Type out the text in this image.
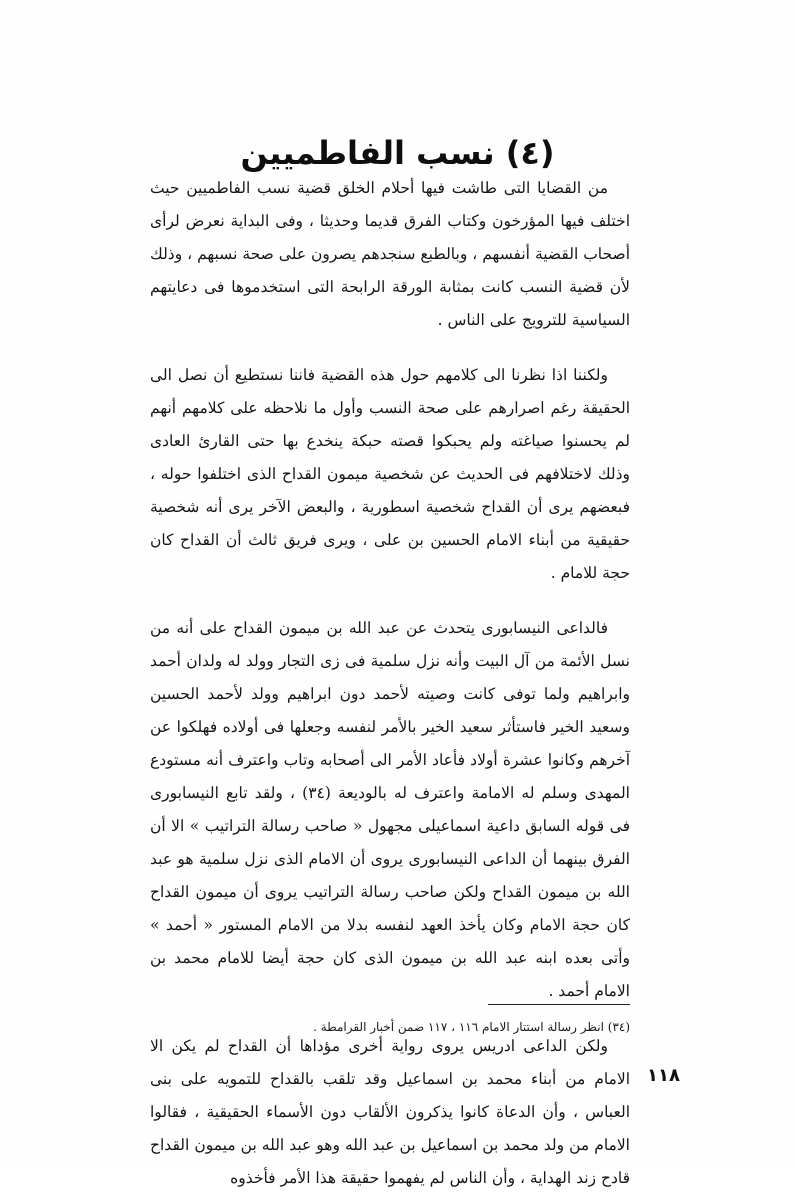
(٤) نسب الفاطميين

من القضايا التى طاشت فيها أحلام الخلق قضية نسب الفاطميين حيث اختلف فيها المؤرخون وكتاب الفرق قديما وحديثا ، وفى البداية نعرض لرأى أصحاب القضية أنفسهم ، وبالطبع سنجدهم يصرون على صحة نسبهم ، وذلك لأن قضية النسب كانت بمثابة الورقة الرابحة التى استخدموها فى دعايتهم السياسية للترويج على الناس .

ولكننا اذا نظرنا الى كلامهم حول هذه القضية فاننا نستطيع أن نصل الى الحقيقة رغم اصرارهم على صحة النسب وأول ما نلاحظه على كلامهم أنهم لم يحسنوا صياغته ولم يحبكوا قصته حبكة ينخدع بها حتى القارئ العادى وذلك لاختلافهم فى الحديث عن شخصية ميمون القداح الذى اختلفوا حوله ، فبعضهم يرى أن القداح شخصية اسطورية ، والبعض الآخر يرى أنه شخصية حقيقية من أبناء الامام الحسين بن على ، ويرى فريق ثالث أن القداح كان حجة للامام .

فالداعى النيسابورى يتحدث عن عبد الله بن ميمون القداح على أنه من نسل الأئمة من آل البيت وأنه نزل سلمية فى زى التجار وولد له ولدان أحمد وابراهيم ولما توفى كانت وصيته لأحمد دون ابراهيم وولد لأحمد الحسين وسعيد الخير فاستأثر سعيد الخير بالأمر لنفسه وجعلها فى أولاده فهلكوا عن آخرهم وكانوا عشرة أولاد فأعاد الأمر الى أصحابه وتاب واعترف أنه مستودع المهدى وسلم له الامامة واعترف له بالوديعة (٣٤) ، ولقد تابع النيسابورى فى قوله السابق داعية اسماعيلى مجهول « صاحب رسالة التراتيب » الا أن الفرق بينهما أن الداعى النيسابورى يروى أن الامام الذى نزل سلمية هو عبد الله بن ميمون القداح ولكن صاحب رسالة التراتيب يروى أن ميمون القداح كان حجة الامام وكان يأخذ العهد لنفسه بدلا من الامام المستور « أحمد » وأتى بعده ابنه عبد الله بن ميمون الذى كان حجة أيضا للامام محمد بن الامام أحمد .

ولكن الداعى ادريس يروى رواية أخرى مؤداها أن القداح لم يكن الا الامام من أبناء محمد بن اسماعيل وقد تلقب بالقداح للتمويه على بنى العباس ، وأن الدعاة كانوا يذكرون الألقاب دون الأسماء الحقيقية ، فقالوا الامام من ولد محمد بن اسماعيل بن عبد الله وهو عبد الله بن ميمون القداح قادح زند الهداية ، وأن الناس لم يفهموا حقيقة هذا الأمر فأخذوه

(٣٤) انظر رسالة استتار الامام ١١٦ ، ١١٧ ضمن أخبار القرامطة .
١١٨
